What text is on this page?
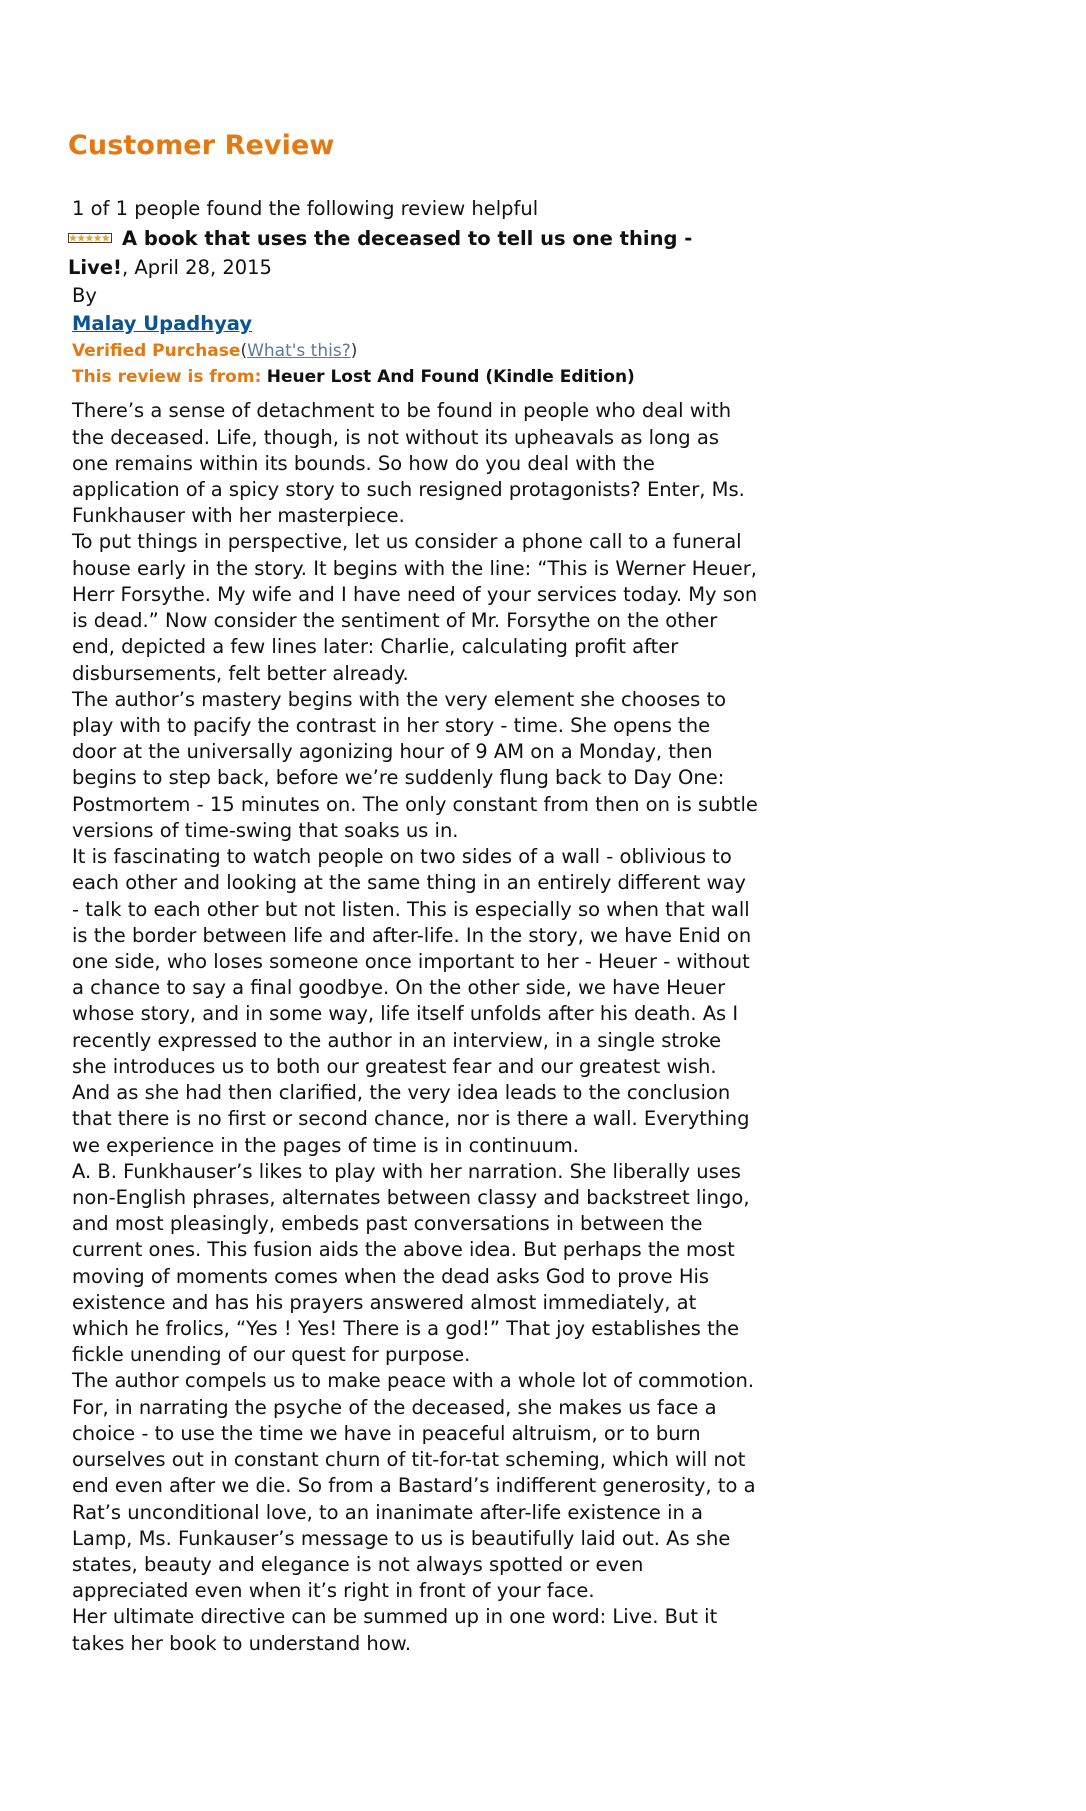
Customer Review
1 of 1 people found the following review helpful
A book that uses the deceased to tell us one thing - Live!, April 28, 2015
By
Malay Upadhyay
Verified Purchase(What's this?)
This review is from: Heuer Lost And Found (Kindle Edition)

There’s a sense of detachment to be found in people who deal with the deceased. Life, though, is not without its upheavals as long as one remains within its bounds. So how do you deal with the application of a spicy story to such resigned protagonists? Enter, Ms. Funkhauser with her masterpiece.

To put things in perspective, let us consider a phone call to a funeral house early in the story. It begins with the line: “This is Werner Heuer, Herr Forsythe. My wife and I have need of your services today. My son is dead.” Now consider the sentiment of Mr. Forsythe on the other end, depicted a few lines later: Charlie, calculating profit after disbursements, felt better already.

The author’s mastery begins with the very element she chooses to play with to pacify the contrast in her story - time. She opens the door at the universally agonizing hour of 9 AM on a Monday, then begins to step back, before we’re suddenly flung back to Day One: Postmortem - 15 minutes on. The only constant from then on is subtle versions of time-swing that soaks us in.

It is fascinating to watch people on two sides of a wall - oblivious to each other and looking at the same thing in an entirely different way - talk to each other but not listen. This is especially so when that wall is the border between life and after-life. In the story, we have Enid on one side, who loses someone once important to her - Heuer - without a chance to say a final goodbye. On the other side, we have Heuer whose story, and in some way, life itself unfolds after his death. As I recently expressed to the author in an interview, in a single stroke she introduces us to both our greatest fear and our greatest wish. And as she had then clarified, the very idea leads to the conclusion that there is no first or second chance, nor is there a wall. Everything we experience in the pages of time is in continuum.

A. B. Funkhauser’s likes to play with her narration. She liberally uses non-English phrases, alternates between classy and backstreet lingo, and most pleasingly, embeds past conversations in between the current ones. This fusion aids the above idea. But perhaps the most moving of moments comes when the dead asks God to prove His existence and has his prayers answered almost immediately, at which he frolics, “Yes ! Yes! There is a god!” That joy establishes the fickle unending of our quest for purpose.

The author compels us to make peace with a whole lot of commotion. For, in narrating the psyche of the deceased, she makes us face a choice - to use the time we have in peaceful altruism, or to burn ourselves out in constant churn of tit-for-tat scheming, which will not end even after we die. So from a Bastard’s indifferent generosity, to a Rat’s unconditional love, to an inanimate after-life existence in a Lamp, Ms. Funkauser’s message to us is beautifully laid out. As she states, beauty and elegance is not always spotted or even appreciated even when it’s right in front of your face.

Her ultimate directive can be summed up in one word: Live. But it takes her book to understand how.
